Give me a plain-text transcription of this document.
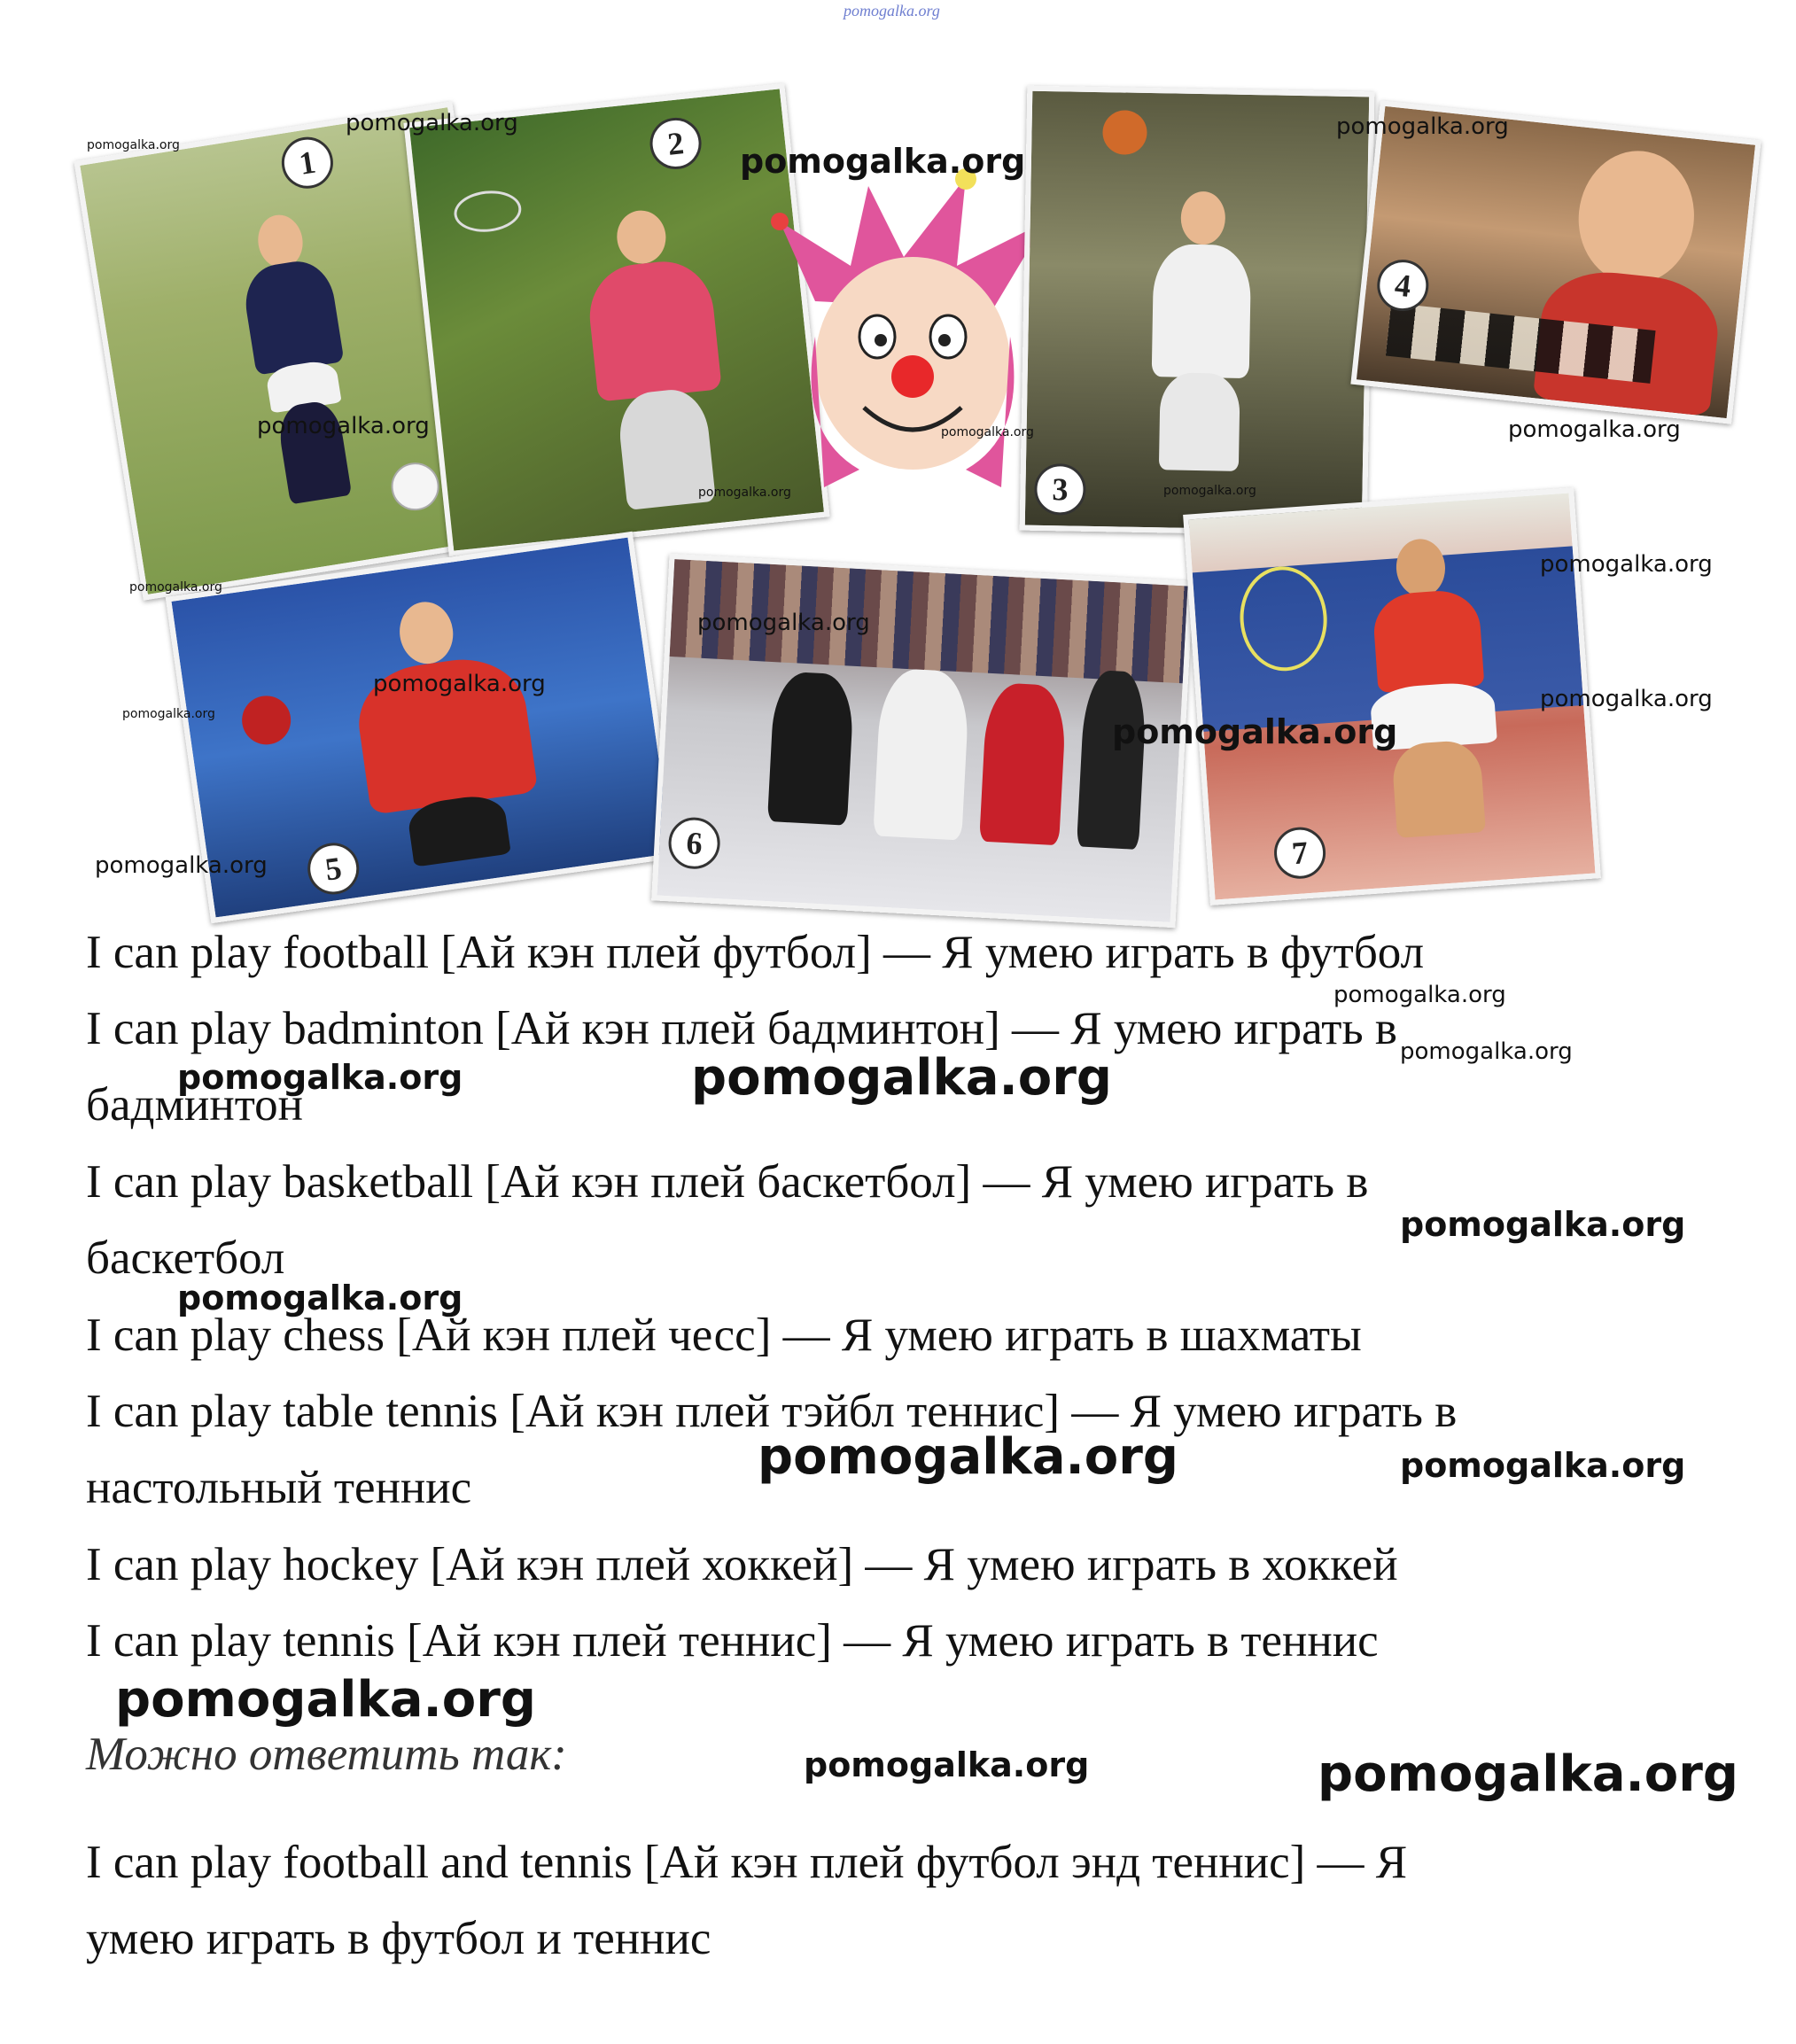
pomogalka.org
1
2
3
4
5
6	7
I can play football [Ай кэн плей футбол] — Я умею играть в футбол
I can play badminton [Ай кэн плей бадминтон] — Я умею играть в
бадминтон
I can play basketball [Ай кэн плей баскетбол] — Я умею играть в
баскетбол
I can play chess [Ай кэн плей чесс] — Я умею играть в шахматы
I can play table tennis [Ай кэн плей тэйбл теннис] — Я умею играть в
настольный теннис
I can play hockey [Ай кэн плей хоккей] — Я умею играть в хоккей
I can play tennis [Ай кэн плей теннис] — Я умею играть в теннис
Можно ответить так:
I can play football and tennis [Ай кэн плей футбол энд теннис] — Я
умею играть в футбол и теннис
pomogalka.org
pomogalka.org
pomogalka.org
pomogalka.org
pomogalka.org
pomogalka.org
pomogalka.org	pomogalka.org
pomogalka.org
pomogalka.org
pomogalka.org
pomogalka.org
pomogalka.org
pomogalka.org
pomogalka.org
pomogalka.org
pomogalka.org
pomogalka.org
pomogalka.org
pomogalka.org	pomogalka.org
pomogalka.org
pomogalka.org
pomogalka.org	pomogalka.org
pomogalka.org
pomogalka.org	pomogalka.org
